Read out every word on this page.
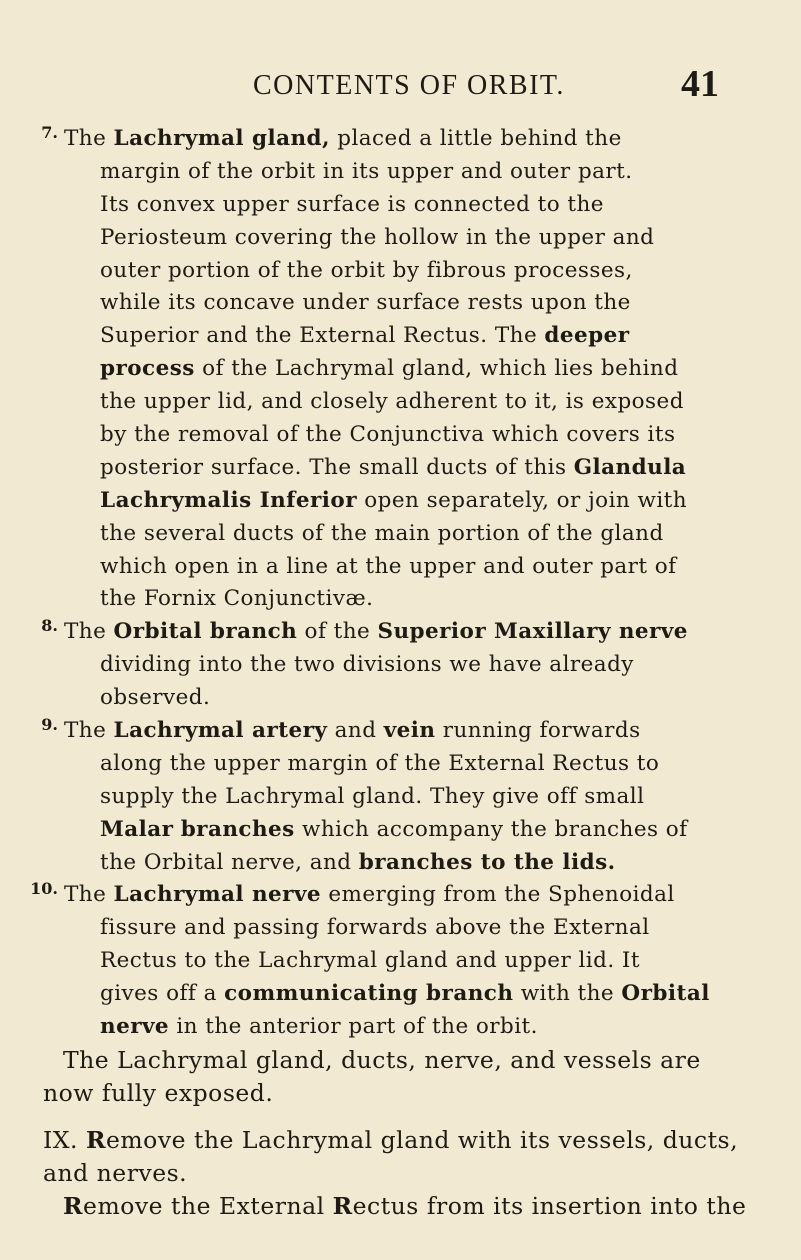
CONTENTS OF ORBIT.	41
7. The Lachrymal gland, placed a little behind the
margin of the orbit in its upper and outer part.
Its convex upper surface is connected to the
Periosteum covering the hollow in the upper and
outer portion of the orbit by fibrous processes,
while its concave under surface rests upon the
Superior and the External Rectus. The deeper
process of the Lachrymal gland, which lies behind
the upper lid, and closely adherent to it, is exposed
by the removal of the Conjunctiva which covers its
posterior surface. The small ducts of this Glandula
Lachrymalis Inferior open separately, or join with
the several ducts of the main portion of the gland
which open in a line at the upper and outer part of
the Fornix Conjunctivæ.
8. The Orbital branch of the Superior Maxillary nerve
dividing into the two divisions we have already
observed.
9. The Lachrymal artery and vein running forwards
along the upper margin of the External Rectus to
supply the Lachrymal gland. They give off small
Malar branches which accompany the branches of
the Orbital nerve, and branches to the lids.
10. The Lachrymal nerve emerging from the Sphenoidal
fissure and passing forwards above the External
Rectus to the Lachrymal gland and upper lid. It
gives off a communicating branch with the Orbital
nerve in the anterior part of the orbit.
The Lachrymal gland, ducts, nerve, and vessels are
now fully exposed.
IX. Remove the Lachrymal gland with its vessels, ducts,
and nerves.
Remove the External Rectus from its insertion into the
